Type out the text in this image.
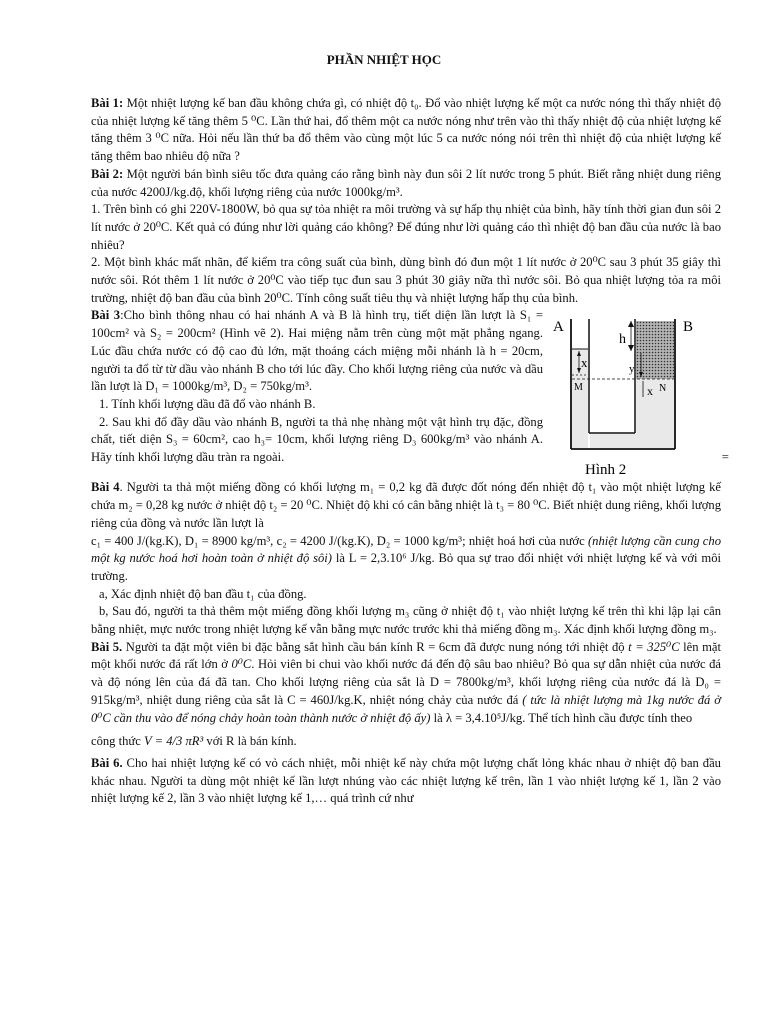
PHẦN NHIỆT HỌC

Bài 1: Một nhiệt lượng kế ban đầu không chứa gì, có nhiệt độ t₀. Đổ vào nhiệt lượng kế một ca nước nóng thì thấy nhiệt độ của nhiệt lượng kế tăng thêm 5 ⁰C. Lần thứ hai, đổ thêm một ca nước nóng như trên vào thì thấy nhiệt độ của nhiệt lượng kế tăng thêm 3 ⁰C nữa. Hỏi nếu lần thứ ba đổ thêm vào cùng một lúc 5 ca nước nóng nói trên thì nhiệt độ của nhiệt lượng kế tăng thêm bao nhiêu độ nữa ?

Bài 2: Một người bán bình siêu tốc đưa quảng cáo rằng bình này đun sôi 2 lít nước trong 5 phút. Biết rằng nhiệt dung riêng của nước 4200J/kg.độ, khối lượng riêng của nước 1000kg/m³.

1. Trên bình có ghi 220V-1800W, bỏ qua sự tỏa nhiệt ra môi trường và sự hấp thụ nhiệt của bình, hãy tính thời gian đun sôi 2 lít nước ở 20⁰C. Kết quả có đúng như lời quảng cáo không? Để đúng như lời quảng cáo thì nhiệt độ ban đầu của nước là bao nhiêu?

2. Một bình khác mất nhãn, để kiểm tra công suất của bình, dùng bình đó đun một 1 lít nước ở 20⁰C sau 3 phút 35 giây thì nước sôi. Rót thêm 1 lít nước ở 20⁰C vào tiếp tục đun sau 3 phút 30 giây nữa thì nước sôi. Bỏ qua nhiệt lượng tỏa ra môi trường, nhiệt độ ban đầu của bình 20⁰C. Tính công suất tiêu thụ và nhiệt lượng hấp thụ của bình.

A	B
h
x	y
M	N
x
Hình 2
=

Bài 3:Cho bình thông nhau có hai nhánh A và B là hình trụ, tiết diện lần lượt là S₁ = 100cm² và S₂ = 200cm² (Hình vẽ 2). Hai miệng nằm trên cùng một mặt phẳng ngang. Lúc đầu chứa nước có độ cao đủ lớn, mặt thoáng cách miệng mỗi nhánh là h = 20cm, người ta đổ từ từ dầu vào nhánh B cho tới lúc đầy. Cho khối lượng riêng của nước và dầu lần lượt là D₁ = 1000kg/m³, D₂ = 750kg/m³.

1. Tính khối lượng dầu đã đổ vào nhánh B.

2. Sau khi đổ đầy dầu vào nhánh B, người ta thả nhẹ nhàng một vật hình trụ đặc, đồng chất, tiết diện S₃ = 60cm², cao h₃= 10cm, khối lượng riêng D₃ 600kg/m³ vào nhánh A. Hãy tính khối lượng dầu tràn ra ngoài.

Bài 4. Người ta thả một miếng đồng có khối lượng m₁ = 0,2 kg đã được đốt nóng đến nhiệt độ t₁ vào một nhiệt lượng kế chứa m₂ = 0,28 kg nước ở nhiệt độ t₂ = 20 ⁰C. Nhiệt độ khi có cân bằng nhiệt là t₃ = 80 ⁰C. Biết nhiệt dung riêng, khối lượng riêng của đồng và nước lần lượt là

c₁ = 400 J/(kg.K), D₁ = 8900 kg/m³, c₂ = 4200 J/(kg.K), D₂ = 1000 kg/m³; nhiệt hoá hơi của nước (nhiệt lượng cần cung cho một kg nước hoá hơi hoàn toàn ở nhiệt độ sôi) là L = 2,3.10⁶ J/kg. Bỏ qua sự trao đổi nhiệt với nhiệt lượng kế và với môi trường.

a, Xác định nhiệt độ ban đầu t₁ của đồng.

b, Sau đó, người ta thả thêm một miếng đồng khối lượng m₃ cũng ở nhiệt độ t₁ vào nhiệt lượng kế trên thì khi lập lại cân bằng nhiệt, mực nước trong nhiệt lượng kế vẫn bằng mực nước trước khi thả miếng đồng m₃. Xác định khối lượng đồng m₃.

Bài 5. Người ta đặt một viên bi đặc bằng sắt hình cầu bán kính R = 6cm đã được nung nóng tới nhiệt độ t = 325⁰C lên mặt một khối nước đá rất lớn ở 0⁰C. Hỏi viên bi chui vào khối nước đá đến độ sâu bao nhiêu? Bỏ qua sự dẫn nhiệt của nước đá và độ nóng lên của đá đã tan. Cho khối lượng riêng của sắt là D = 7800kg/m³, khối lượng riêng của nước đá là D₀ = 915kg/m³, nhiệt dung riêng của sắt là C = 460J/kg.K, nhiệt nóng chảy của nước đá ( tức là nhiệt lượng mà 1kg nước đá ở 0⁰C cần thu vào để nóng chảy hoàn toàn thành nước ở nhiệt độ ấy) là λ = 3,4.10⁵J/kg. Thể tích hình cầu được tính theo

công thức V = 4/3 πR³ với R là bán kính.

Bài 6. Cho hai nhiệt lượng kế có vỏ cách nhiệt, mỗi nhiệt kế này chứa một lượng chất lỏng khác nhau ở nhiệt độ ban đầu khác nhau. Người ta dùng một nhiệt kế lần lượt nhúng vào các nhiệt lượng kế trên, lần 1 vào nhiệt lượng kế 1, lần 2 vào nhiệt lượng kế 2, lần 3 vào nhiệt lượng kế 1,… quá trình cứ như
